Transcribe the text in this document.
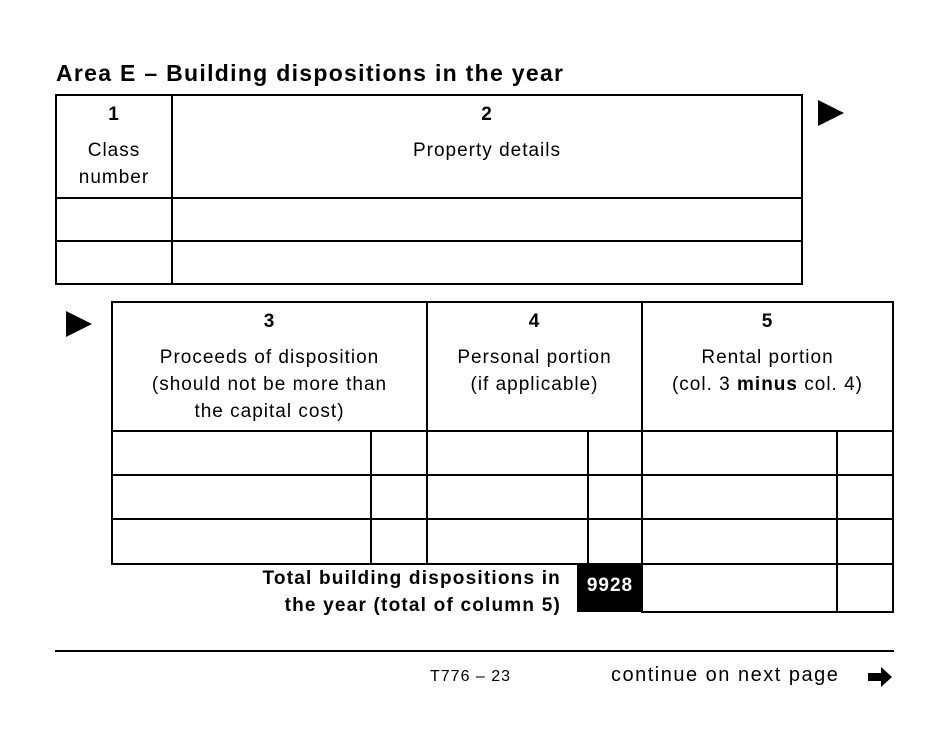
Area E – Building dispositions in the year
1
Class
number
2
Property details
3
Proceeds of disposition
(should not be more than
the capital cost)
4
Personal portion
(if applicable)
5
Rental portion
(col. 3 minus col. 4)
Total building dispositions in
the year (total of column 5)
9928
T776 – 23	continue on next page
